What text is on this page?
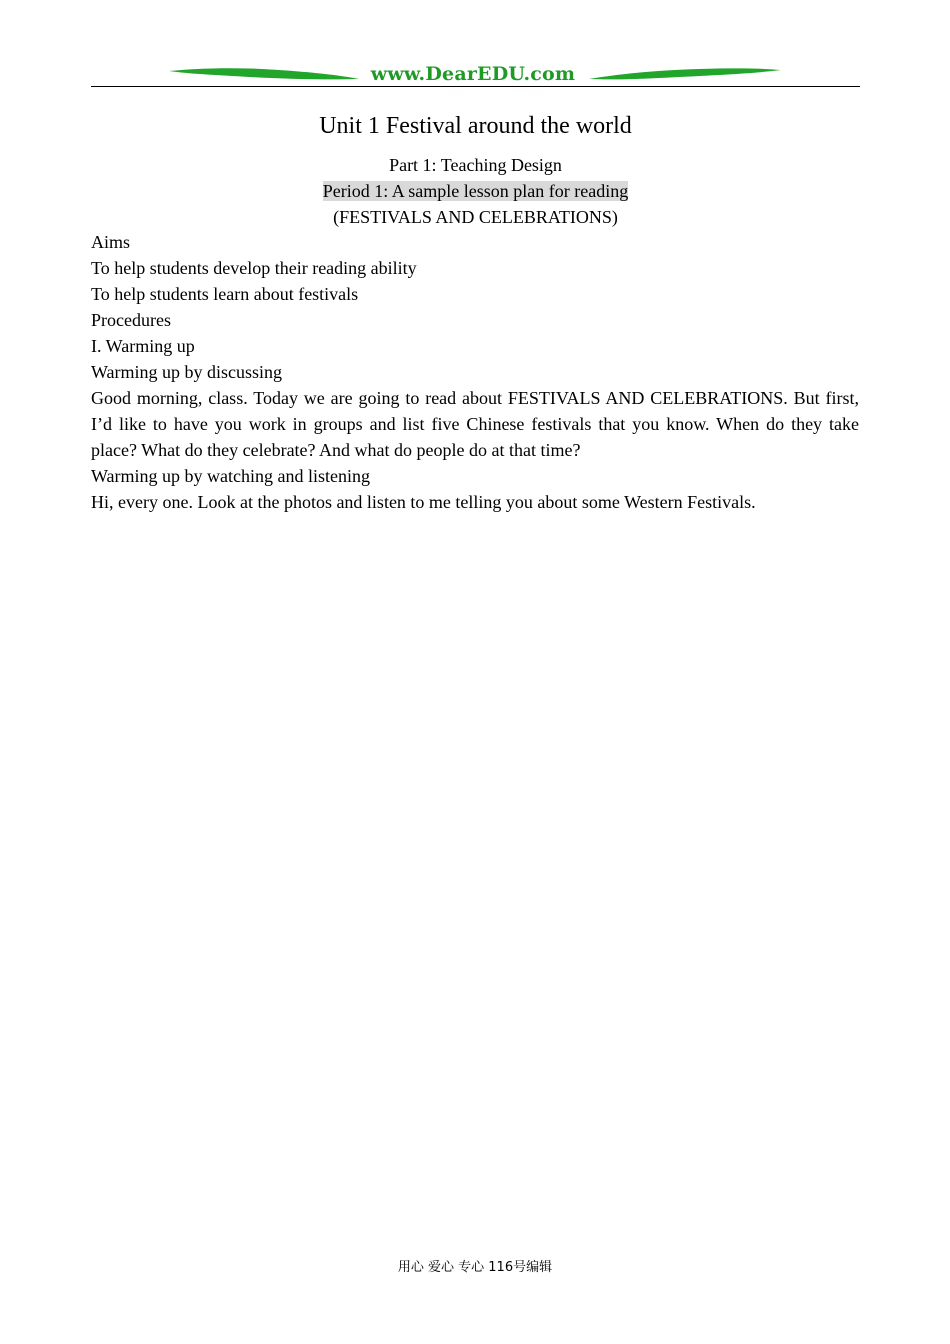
www.DearEDU.com
Unit 1 Festival around the world
Part 1: Teaching Design
Period 1: A sample lesson plan for reading
(FESTIVALS AND CELEBRATIONS)

Aims

To help students develop their reading ability

To help students learn about festivals

Procedures

I. Warming up

Warming up by discussing

Good morning, class. Today we are going to read about FESTIVALS AND CELEBRATIONS. But first, I’d like to have you work in groups and list five Chinese festivals that you know. When do they take place? What do they celebrate? And what do people do at that time?

Warming up by watching and listening

Hi, every one. Look at the photos and listen to me telling you about some Western Festivals.

用心 爱心 专心 116号编辑
